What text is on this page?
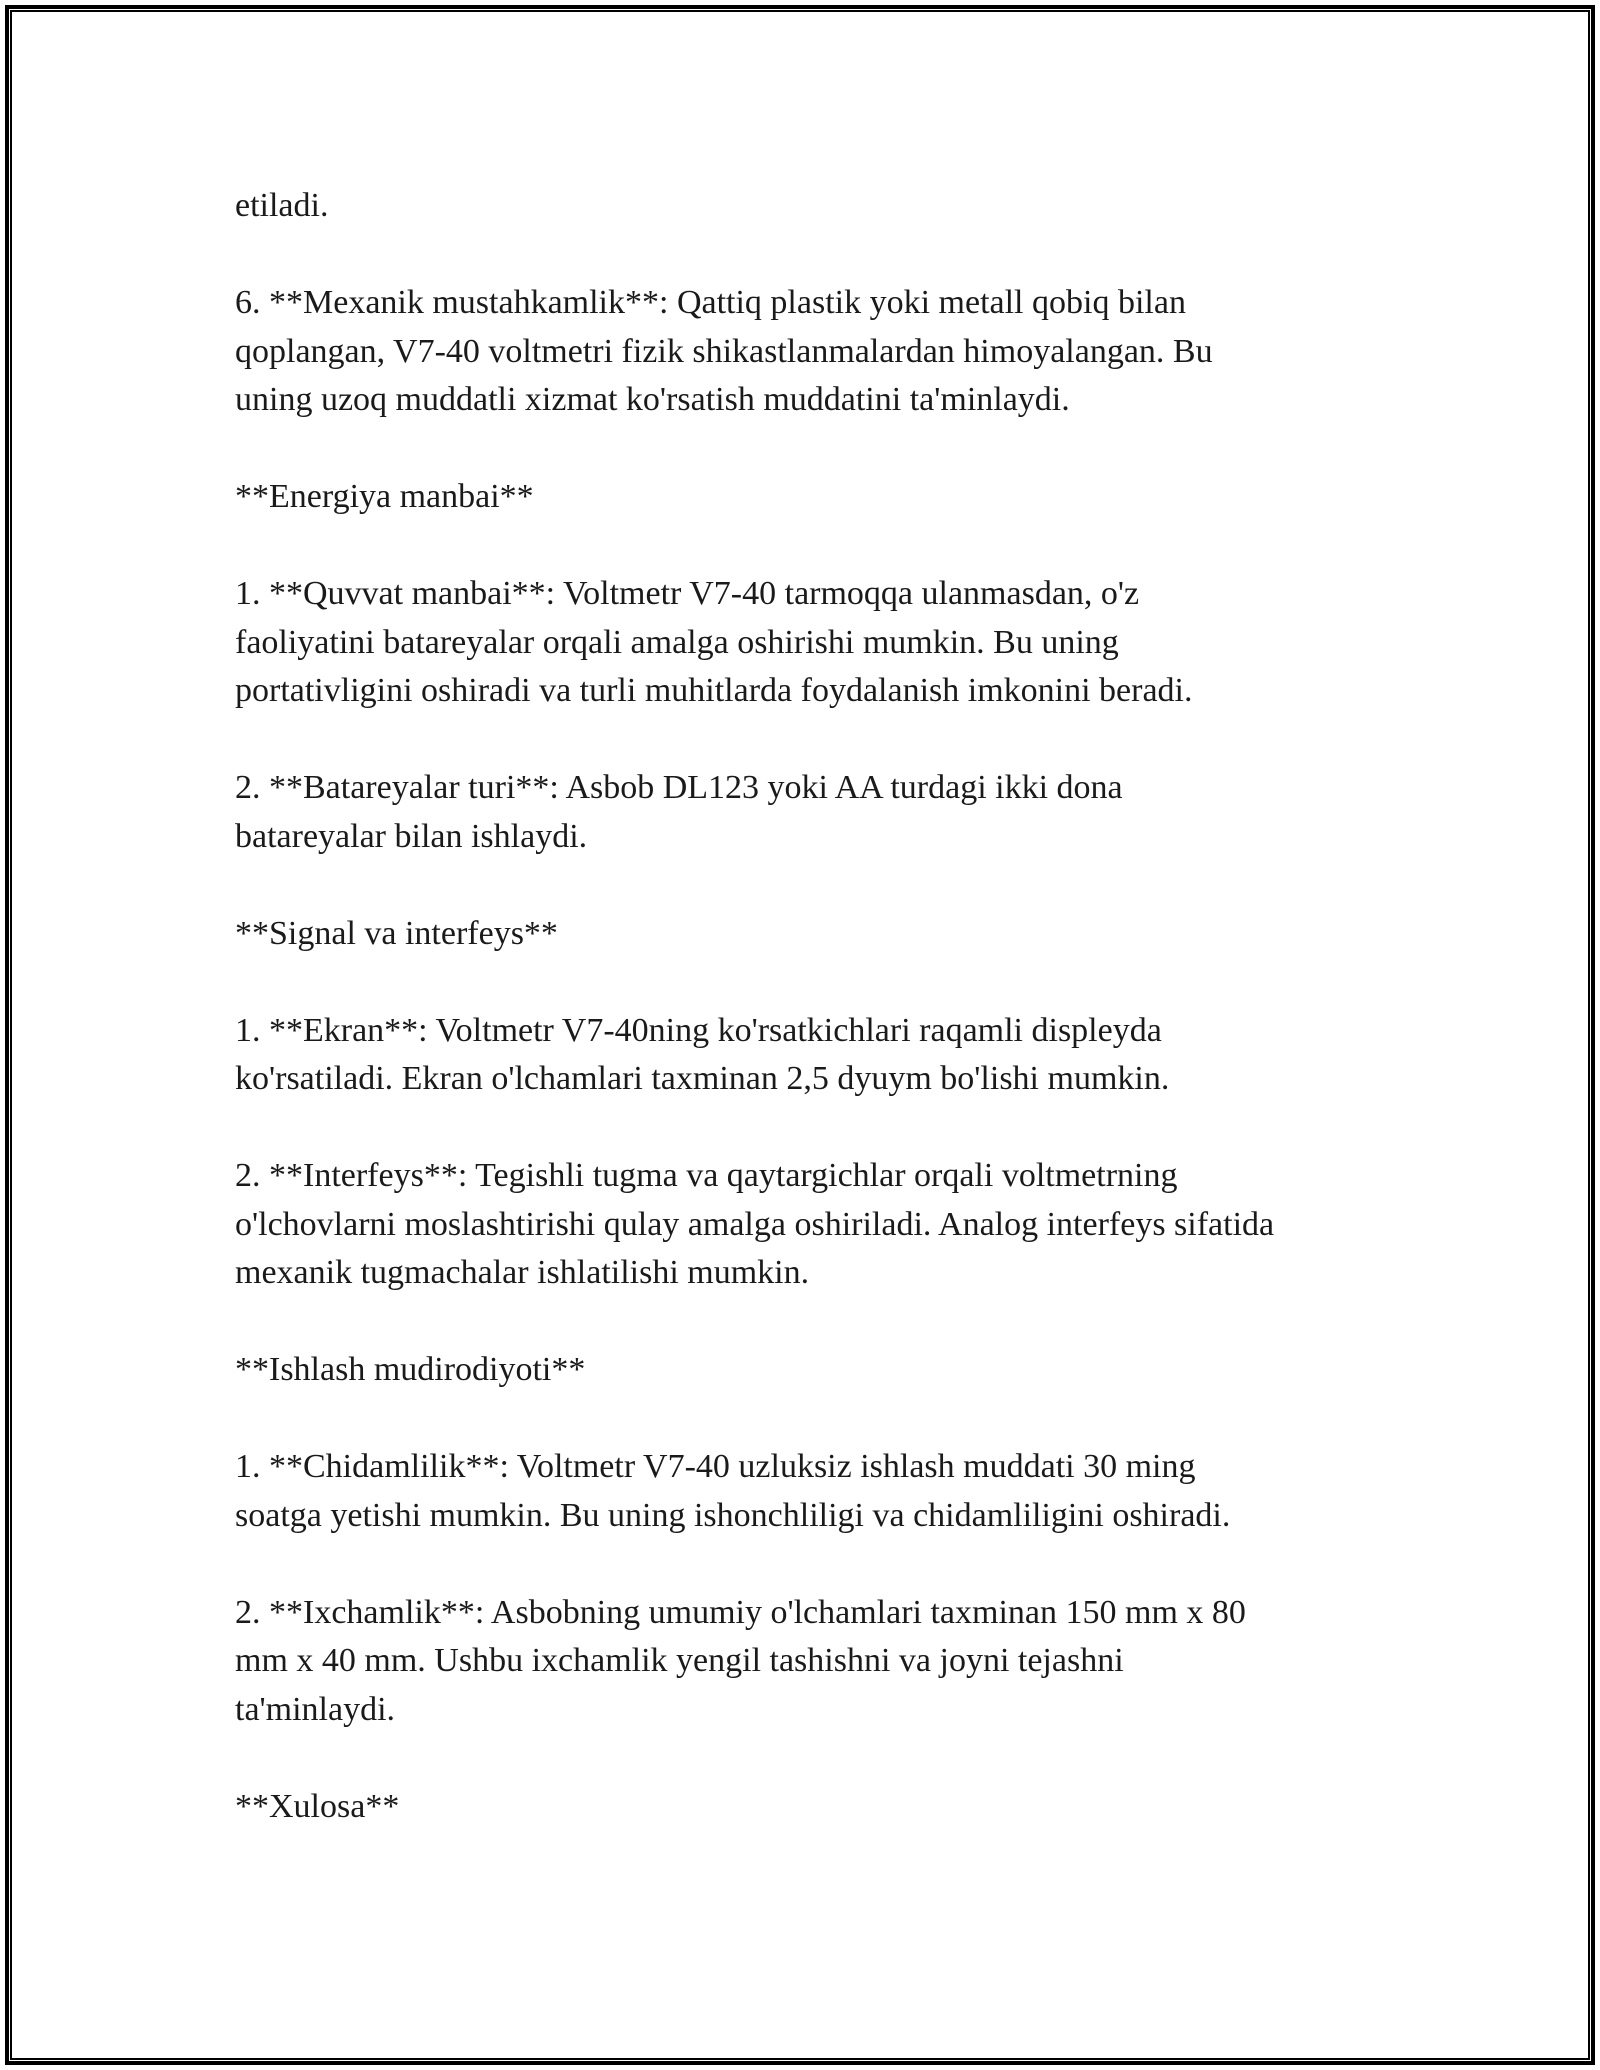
etiladi.

6. **Mexanik mustahkamlik**: Qattiq plastik yoki metall qobiq bilan
qoplangan, V7-40 voltmetri fizik shikastlanmalardan himoyalangan. Bu
uning uzoq muddatli xizmat ko'rsatish muddatini ta'minlaydi.

**Energiya manbai**

1. **Quvvat manbai**: Voltmetr V7-40 tarmoqqa ulanmasdan, o'z
faoliyatini batareyalar orqali amalga oshirishi mumkin. Bu uning
portativligini oshiradi va turli muhitlarda foydalanish imkonini beradi.

2. **Batareyalar turi**: Asbob DL123 yoki AA turdagi ikki dona
batareyalar bilan ishlaydi.

**Signal va interfeys**

1. **Ekran**: Voltmetr V7-40ning ko'rsatkichlari raqamli displeyda
ko'rsatiladi. Ekran o'lchamlari taxminan 2,5 dyuym bo'lishi mumkin.

2. **Interfeys**: Tegishli tugma va qaytargichlar orqali voltmetrning
o'lchovlarni moslashtirishi qulay amalga oshiriladi. Analog interfeys sifatida
mexanik tugmachalar ishlatilishi mumkin.

**Ishlash mudirodiyoti**

1. **Chidamlilik**: Voltmetr V7-40 uzluksiz ishlash muddati 30 ming
soatga yetishi mumkin. Bu uning ishonchliligi va chidamliligini oshiradi.

2. **Ixchamlik**: Asbobning umumiy o'lchamlari taxminan 150 mm x 80
mm x 40 mm. Ushbu ixchamlik yengil tashishni va joyni tejashni
ta'minlaydi.

**Xulosa**
